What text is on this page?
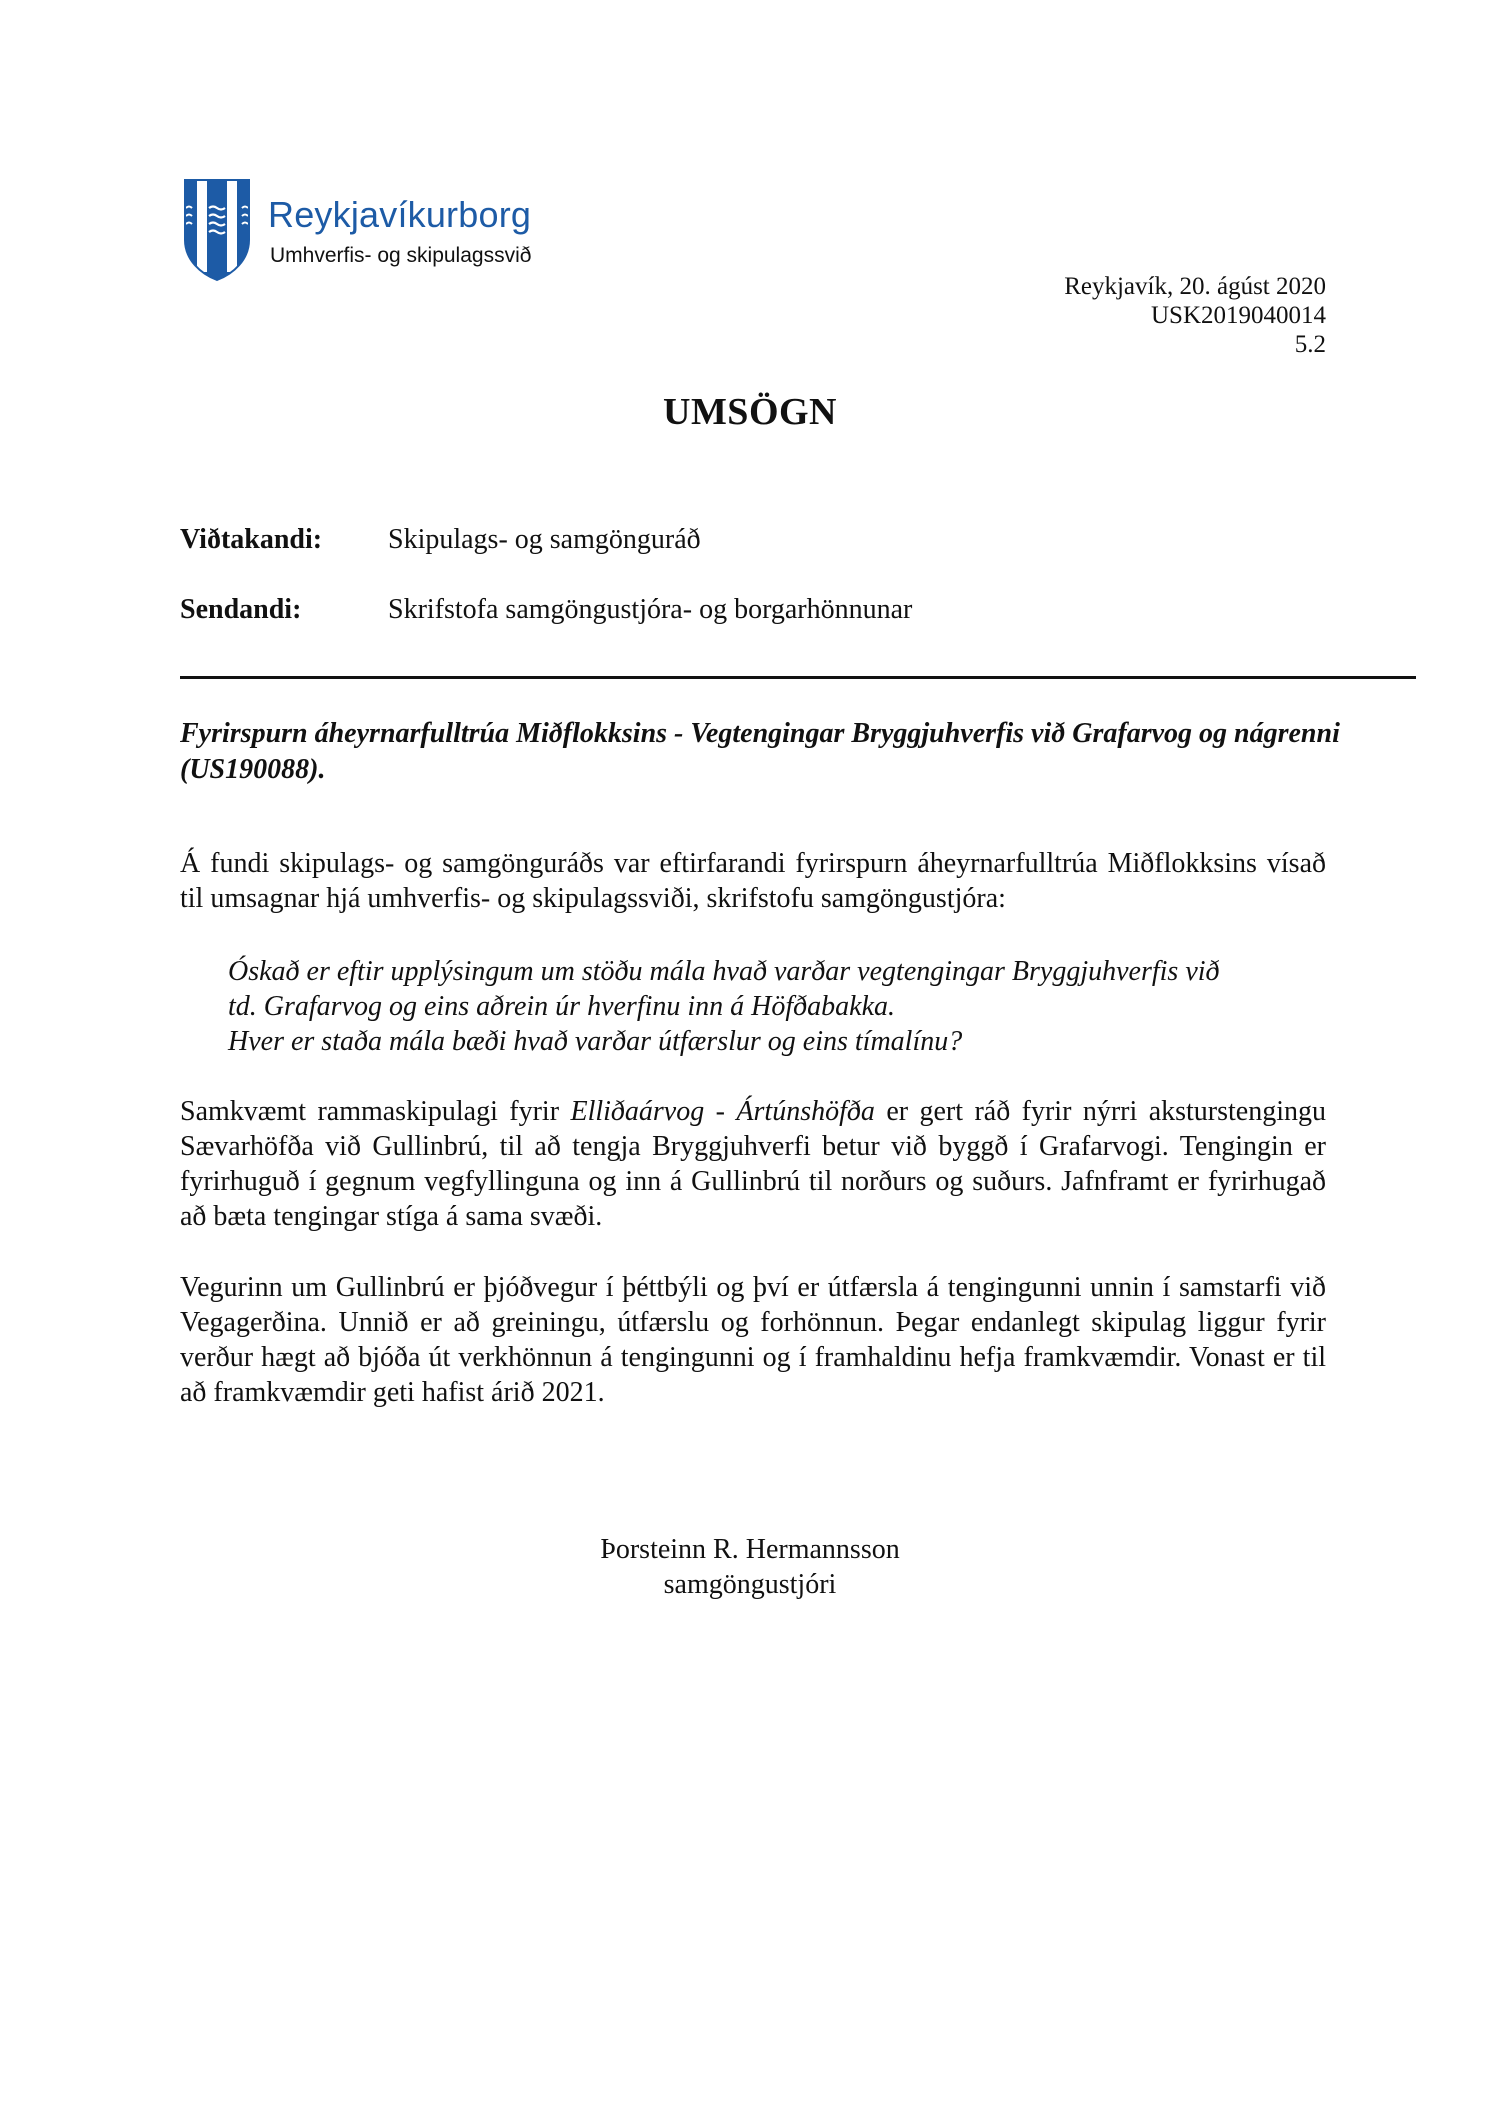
Reykjavíkurborg
Umhverfis- og skipulagssvið
Reykjavík, 20. ágúst 2020
USK2019040014
5.2
UMSÖGN
Viðtakandi: Skipulags- og samgönguráð
Sendandi:	Skrifstofa samgöngustjóra- og borgarhönnunar
Fyrirspurn áheyrnarfulltrúa Miðflokksins - Vegtengingar Bryggjuhverfis við Grafarvog og nágrenni (US190088).
Á fundi skipulags- og samgönguráðs var eftirfarandi fyrirspurn áheyrnarfulltrúa Miðflokksins vísað til umsagnar hjá umhverfis- og skipulagssviði, skrifstofu samgöngustjóra:
Óskað er eftir upplýsingum um stöðu mála hvað varðar vegtengingar Bryggjuhverfis við
td. Grafarvog og eins aðrein úr hverfinu inn á Höfðabakka.
Hver er staða mála bæði hvað varðar útfærslur og eins tímalínu?
Samkvæmt rammaskipulagi fyrir Elliðaárvog - Ártúnshöfða er gert ráð fyrir nýrri aksturstengingu Sævarhöfða við Gullinbrú, til að tengja Bryggjuhverfi betur við byggð í Grafarvogi. Tengingin er fyrirhuguð í gegnum vegfyllinguna og inn á Gullinbrú til norðurs og suðurs. Jafnframt er fyrirhugað að bæta tengingar stíga á sama svæði.
Vegurinn um Gullinbrú er þjóðvegur í þéttbýli og því er útfærsla á tengingunni unnin í samstarfi við Vegagerðina. Unnið er að greiningu, útfærslu og forhönnun. Þegar endanlegt skipulag liggur fyrir verður hægt að bjóða út verkhönnun á tengingunni og í framhaldinu hefja framkvæmdir. Vonast er til að framkvæmdir geti hafist árið 2021.
Þorsteinn R. Hermannsson
samgöngustjóri
